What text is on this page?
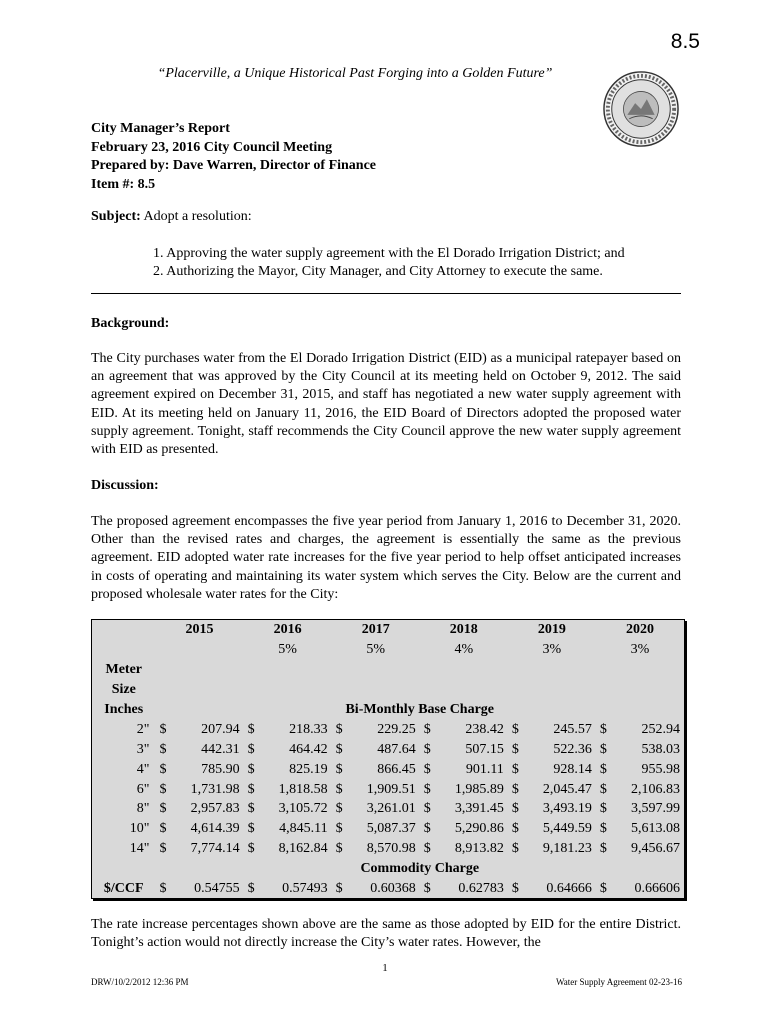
8.5
“Placerville, a Unique Historical Past Forging into a Golden Future”
City Manager’s Report
February 23, 2016 City Council Meeting
Prepared by: Dave Warren, Director of Finance
Item #: 8.5
Subject: Adopt a resolution:
1. Approving the water supply agreement with the El Dorado Irrigation District; and
2. Authorizing the Mayor, City Manager, and City Attorney to execute the same.
Background:
The City purchases water from the El Dorado Irrigation District (EID) as a municipal ratepayer based on an agreement that was approved by the City Council at its meeting held on October 9, 2012. The said agreement expired on December 31, 2015, and staff has negotiated a new water supply agreement with EID. At its meeting held on January 11, 2016, the EID Board of Directors adopted the proposed water supply agreement. Tonight, staff recommends the City Council approve the new water supply agreement with EID as presented.
Discussion:
The proposed agreement encompasses the five year period from January 1, 2016 to December 31, 2020. Other than the revised rates and charges, the agreement is essentially the same as the previous agreement. EID adopted water rate increases for the five year period to help offset anticipated increases in costs of operating and maintaining its water system which serves the City. Below are the current and proposed wholesale water rates for the City:
	2015	2016	2017	2018	2019	2020
		5%	5%	4%	3%	3%
Meter						
Size						
Inches	Bi-Monthly Base Charge					
2"	$ 207.94	$ 218.33	$ 229.25	$ 238.42	$ 245.57	$ 252.94

3"	$ 442.31	$ 464.42	$ 487.64	$ 507.15	$ 522.36	$ 538.03

4"	$ 785.90	$ 825.19	$ 866.45	$ 901.11	$ 928.14	$ 955.98

6"	$ 1,731.98	$ 1,818.58	$ 1,909.51	$ 1,985.89	$ 2,045.47	$ 2,106.83

8"	$ 2,957.83	$ 3,105.72	$ 3,261.01	$ 3,391.45	$ 3,493.19	$ 3,597.99

10"	$ 4,614.39	$ 4,845.11	$ 5,087.37	$ 5,290.86	$ 5,449.59	$ 5,613.08

14"	$ 7,774.14	$ 8,162.84	$ 8,570.98	$ 8,913.82	$ 9,181.23	$ 9,456.67

	Commodity Charge					
$/CCF	$ 0.54755	$ 0.57493	$ 0.60368	$ 0.62783	$ 0.64666	$ 0.66606
The rate increase percentages shown above are the same as those adopted by EID for the entire District. Tonight’s action would not directly increase the City’s water rates. However, the
1
DRW/10/2/2012 12:36 PM	Water Supply Agreement 02-23-16
